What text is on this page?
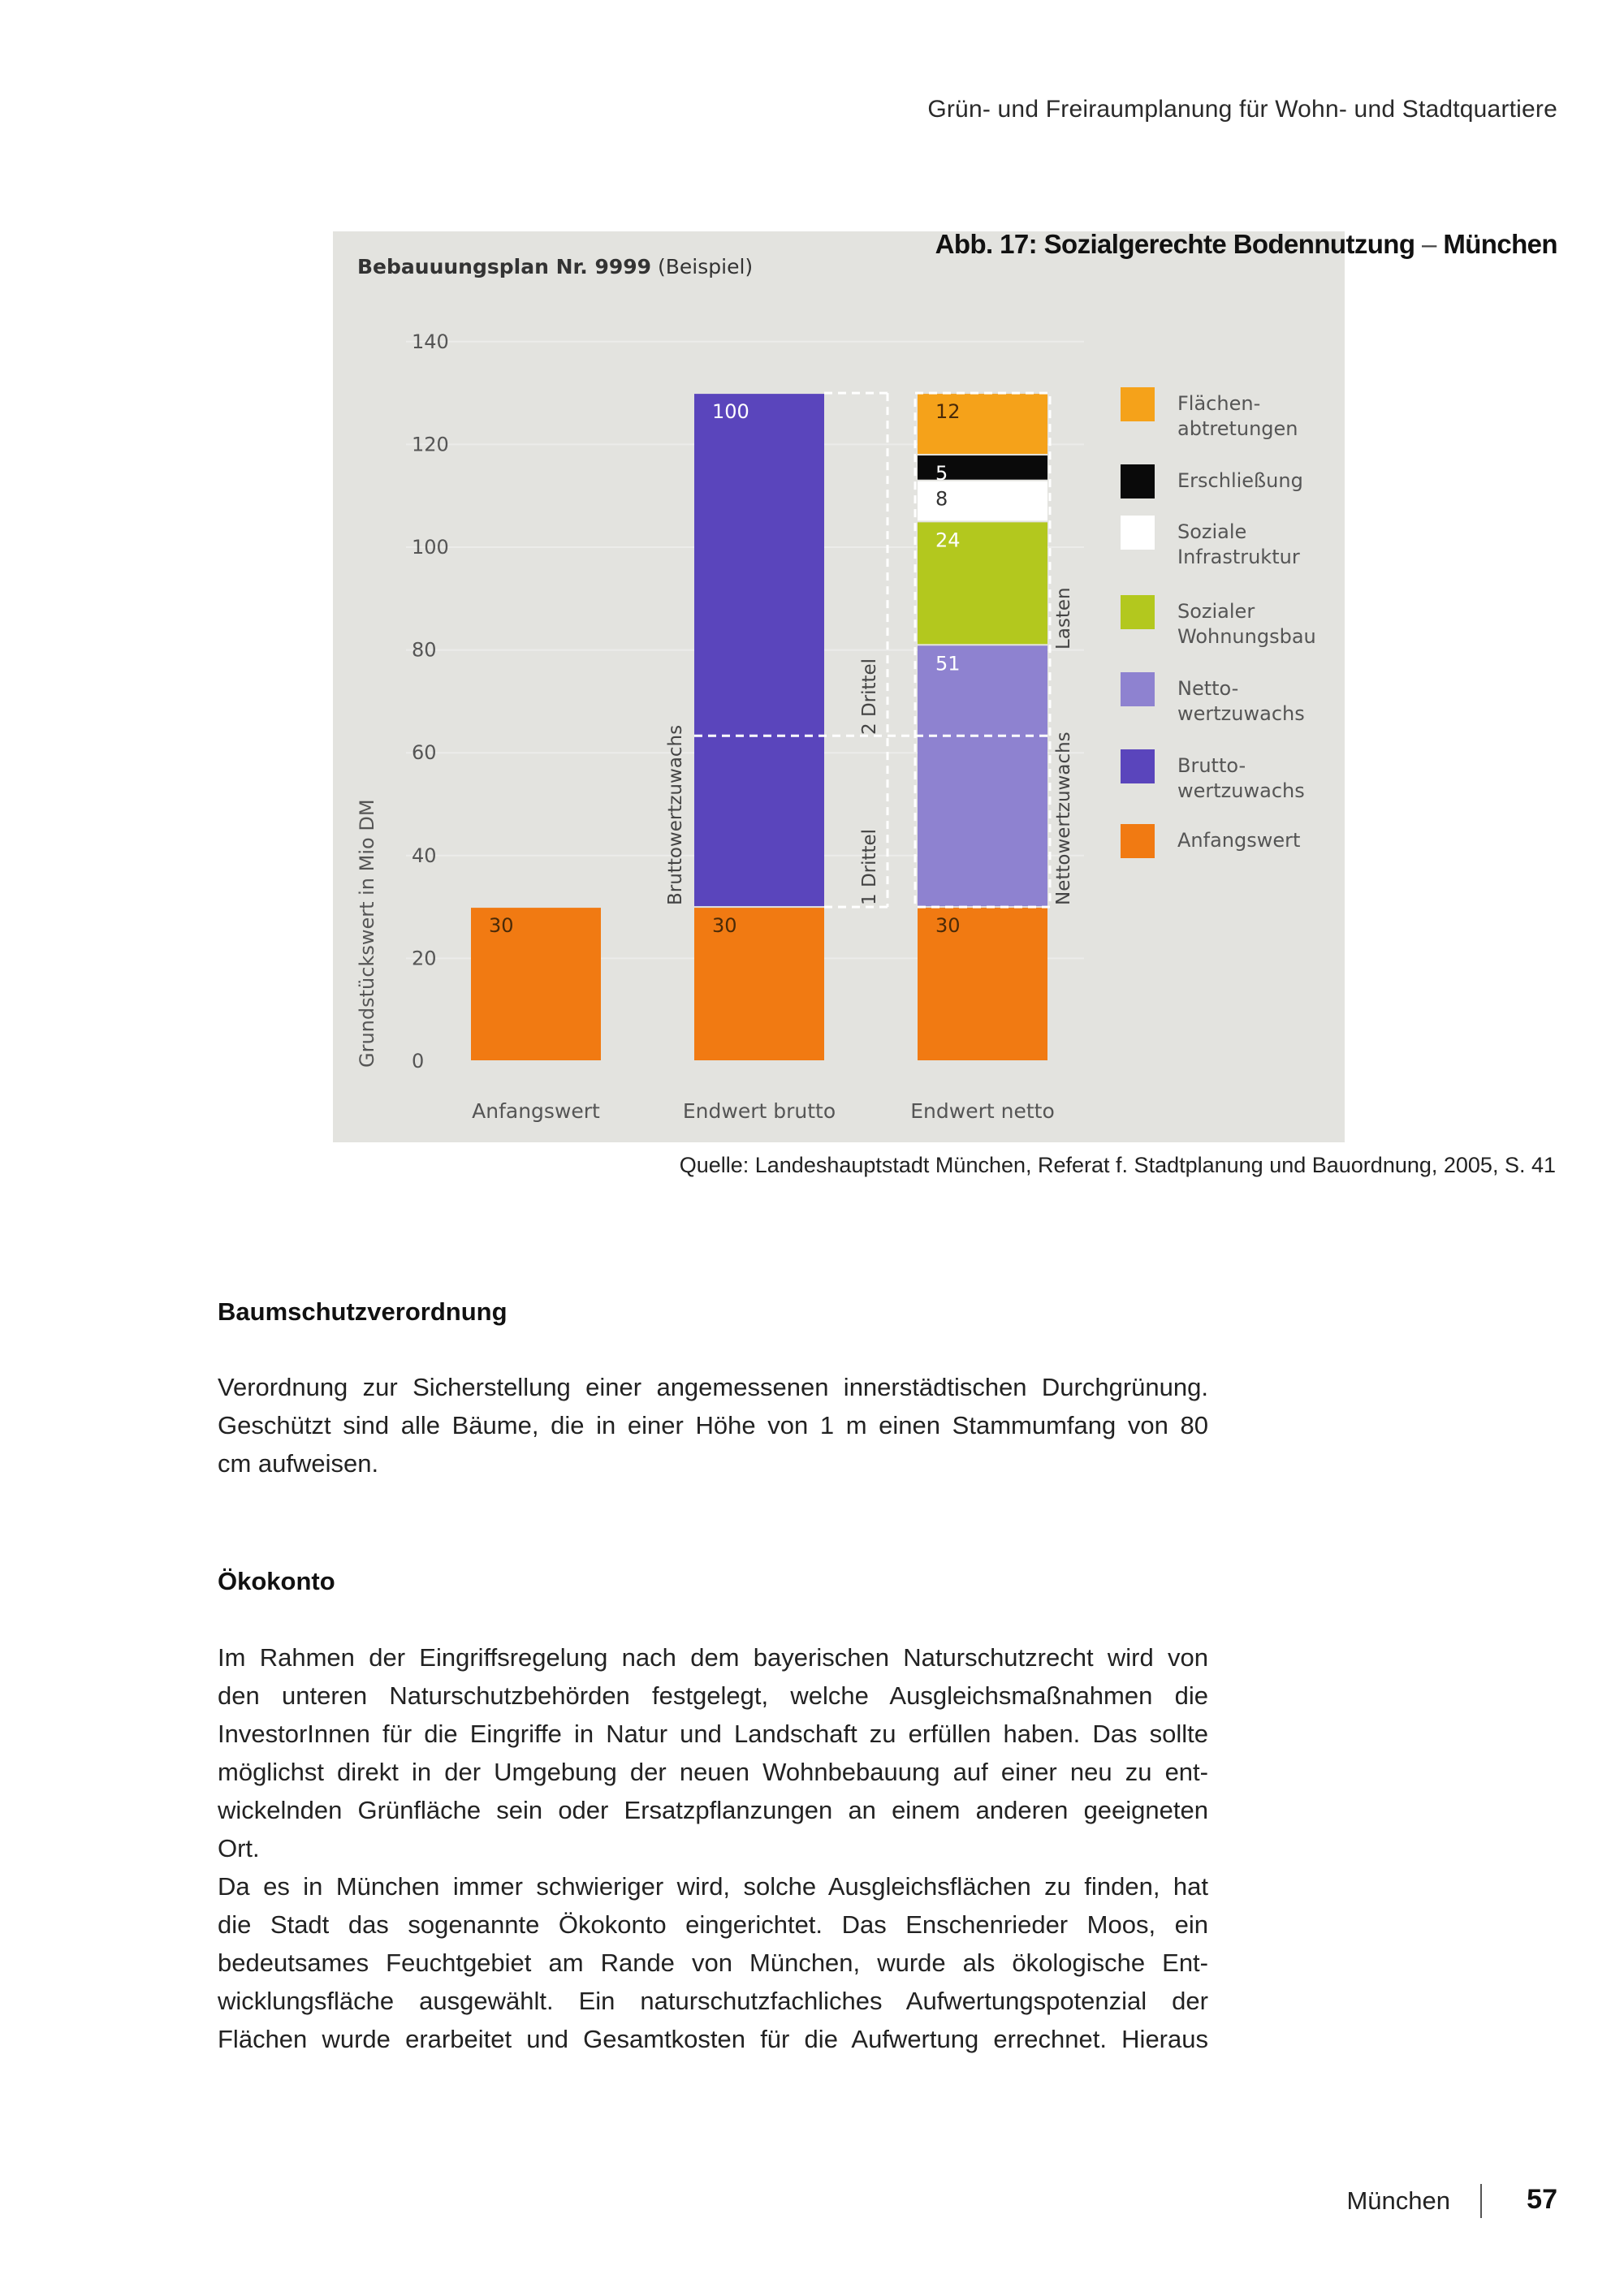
Grün- und Freiraumplanung für Wohn- und Stadtquartiere
Bebauuungsplan Nr. 9999 (Beispiel)
0
20
40
60
80
100
120
140
Grundstückswert in Mio DM	30
Anfangswert
30
100
Endwert brutto
30
51
24
8
5
12
Endwert netto
Bruttowertzuwachs	1 Drittel
2 Drittel
Nettowertzuwachs
Lasten
Flächen-
abtretungen
Erschließung
Soziale
Infrastruktur
Sozialer
Wohnungsbau
Netto-
wertzuwachs
Brutto-
wertzuwachs
Anfangswert
Abb. 17: Sozialgerechte Bodennutzung – München
Quelle: Landeshauptstadt München, Referat f. Stadtplanung und Bauordnung, 2005, S. 41
Baumschutzverordnung

Verordnung zur Sicherstellung einer angemessenen innerstädtischen Durchgrünung.
Geschützt sind alle Bäume, die in einer Höhe von 1 m einen Stammumfang von 80
cm aufweisen.

Ökokonto

Im Rahmen der Eingriffsregelung nach dem bayerischen Naturschutzrecht wird von
den unteren Naturschutzbehörden festgelegt, welche Ausgleichsmaßnahmen die
InvestorInnen für die Eingriffe in Natur und Landschaft zu erfüllen haben. Das sollte
möglichst direkt in der Umgebung der neuen Wohnbebauung auf einer neu zu ent-
wickelnden Grünfläche sein oder Ersatzpflanzungen an einem anderen geeigneten
Ort.
Da es in München immer schwieriger wird, solche Ausgleichsflächen zu finden, hat
die Stadt das sogenannte Ökokonto eingerichtet. Das Enschenrieder Moos, ein
bedeutsames Feuchtgebiet am Rande von München, wurde als ökologische Ent-
wicklungsfläche ausgewählt. Ein naturschutzfachliches Aufwertungspotenzial der
Flächen wurde erarbeitet und Gesamtkosten für die Aufwertung errechnet. Hieraus

München	57
